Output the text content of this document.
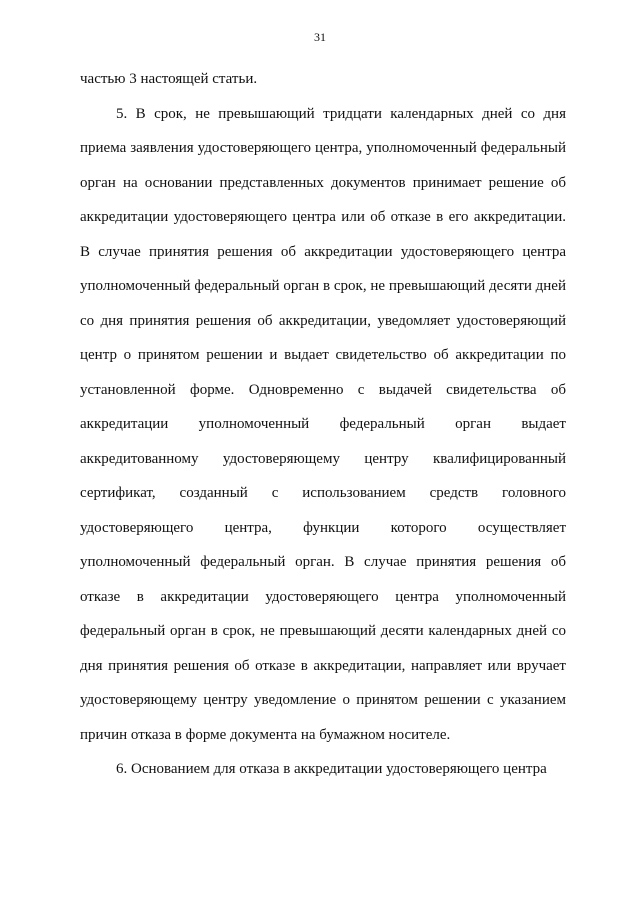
31

частью 3 настоящей статьи.

5. В срок, не превышающий тридцати календарных дней со дня приема заявления удостоверяющего центра, уполномоченный федеральный орган на основании представленных документов принимает решение об аккредитации удостоверяющего центра или об отказе в его аккредитации. В случае принятия решения об аккредитации удостоверяющего центра уполномоченный федеральный орган в срок, не превышающий десяти дней со дня принятия решения об аккредитации, уведомляет удостоверяющий центр о принятом решении и выдает свидетельство об аккредитации по установленной форме. Одновременно с выдачей свидетельства об аккредитации уполномоченный федеральный орган выдает аккредитованному удостоверяющему центру квалифицированный сертификат, созданный с использованием средств головного удостоверяющего центра, функции которого осуществляет уполномоченный федеральный орган. В случае принятия решения об отказе в аккредитации удостоверяющего центра уполномоченный федеральный орган в срок, не превышающий десяти календарных дней со дня принятия решения об отказе в аккредитации, направляет или вручает удостоверяющему центру уведомление о принятом решении с указанием причин отказа в форме документа на бумажном носителе.

6. Основанием для отказа в аккредитации удостоверяющего центра
